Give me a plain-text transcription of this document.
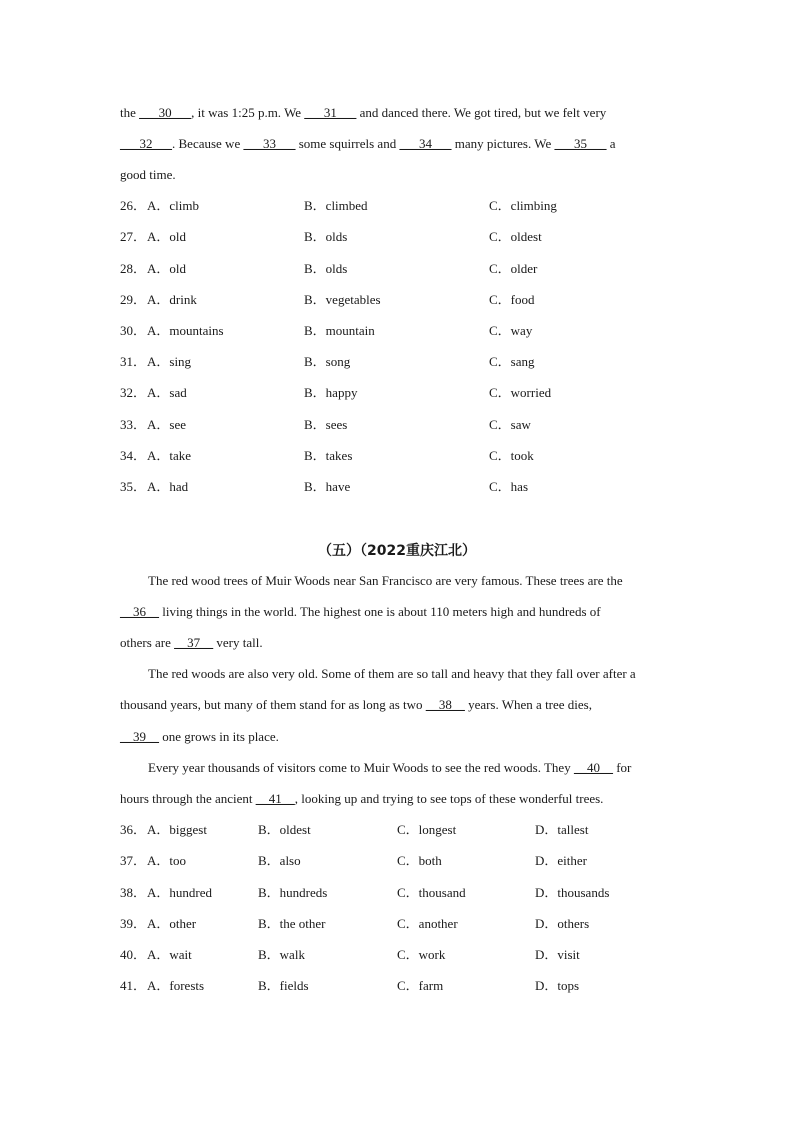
the ___30___, it was 1:25 p.m. We ___31___ and danced there. We got tired, but we felt very
___32___. Because we ___33___ some squirrels and ___34___ many pictures. We ___35___ a
good time.
26． A．climb	B．climbed	C．climbing
27． A．old	B．olds	C．oldest
28． A．old	B．olds	C．older
29． A．drink	B．vegetables	C．food
30． A．mountains	B．mountain	C．way
31． A．sing	B．song	C．sang
32． A．sad	B．happy	C．worried
33． A．see	B．sees	C．saw
34． A．take	B．takes	C．took
35． A．had	B．have	C．has
（五）（2022重庆江北）
The red wood trees of Muir Woods near San Francisco are very famous. These trees are the
__36__ living things in the world. The highest one is about 110 meters high and hundreds of
others are __37__ very tall.
The red woods are also very old. Some of them are so tall and heavy that they fall over after a
thousand years, but many of them stand for as long as two __38__ years. When a tree dies,
__39__ one grows in its place.
Every year thousands of visitors come to Muir Woods to see the red woods. They __40__ for
hours through the ancient __41__, looking up and trying to see tops of these wonderful trees.
36． A．biggest	B．oldest	C．longest	D．tallest
37． A．too	B．also	C．both	D．either
38． A．hundred	B．hundreds	C．thousand	D．thousands
39． A．other	B．the other	C．another	D．others
40． A．wait	B．walk	C．work	D．visit
41． A．forests	B．fields	C．farm	D．tops
